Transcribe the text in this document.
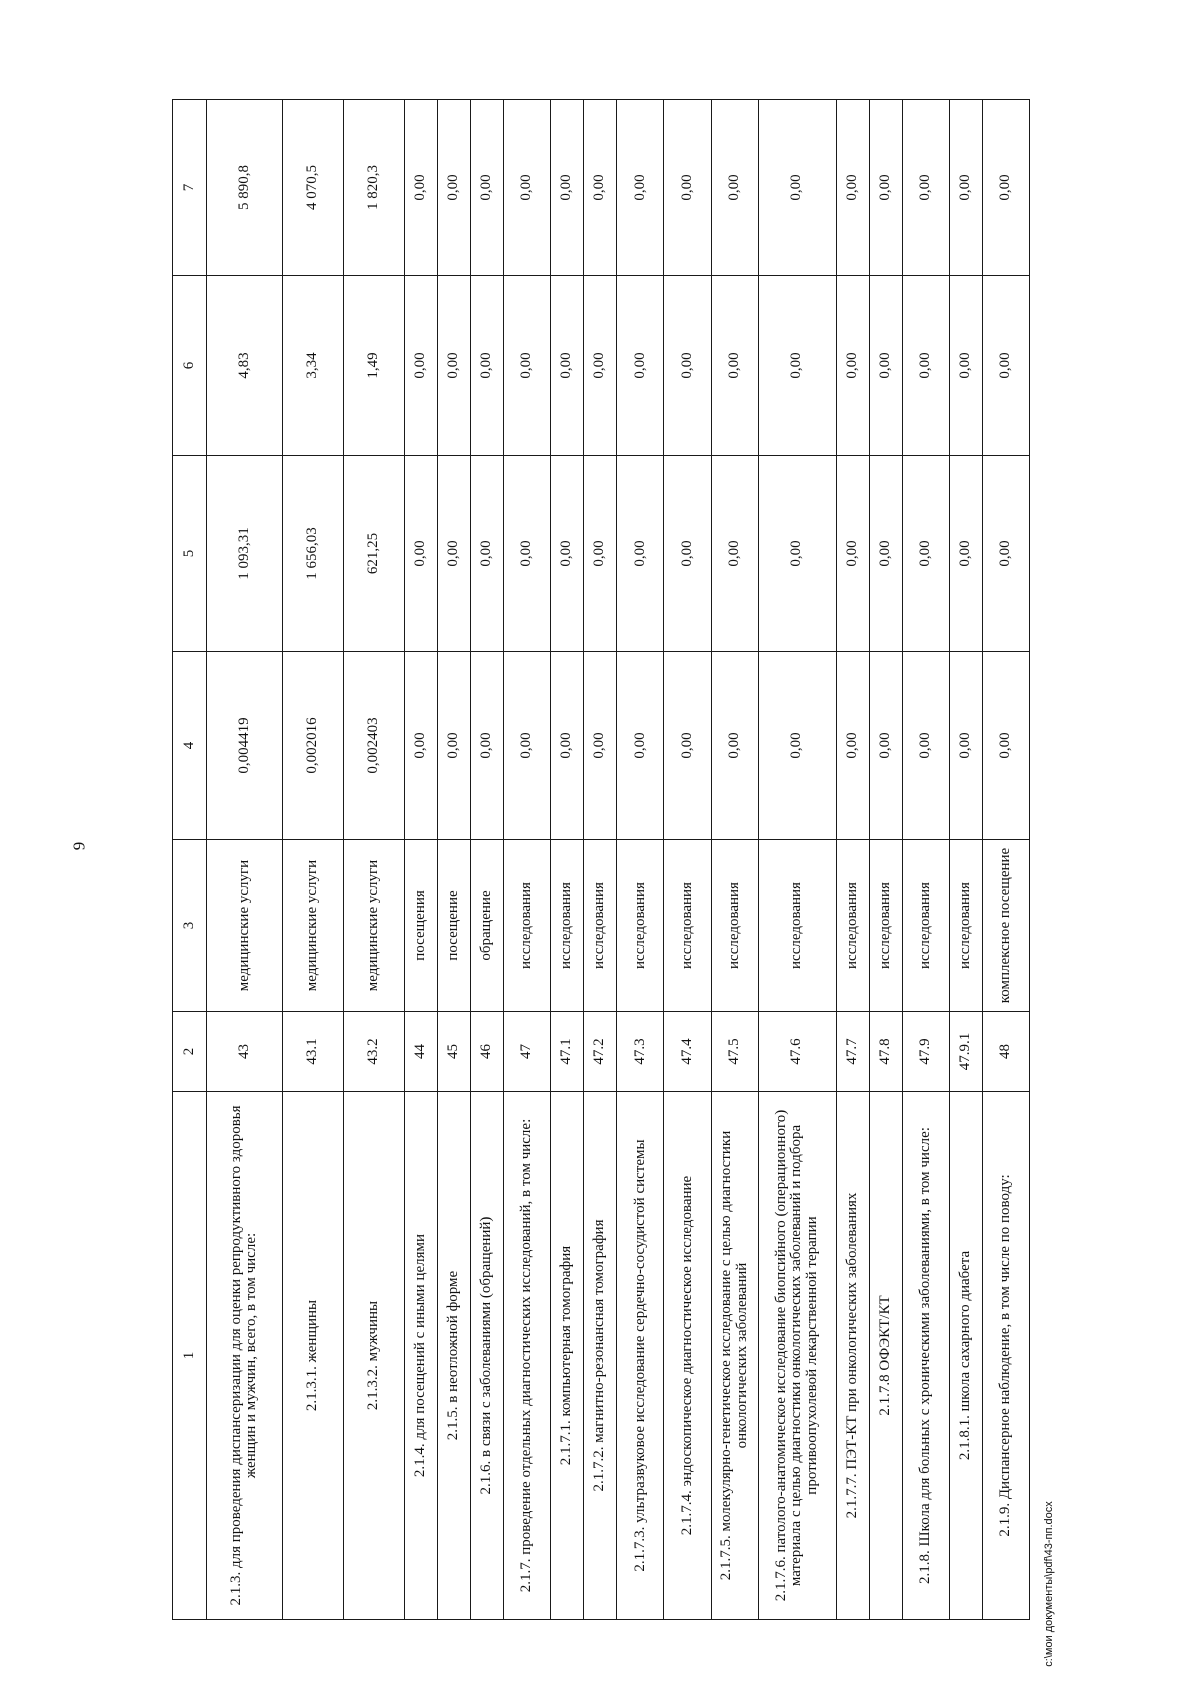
9
1	2	3	4	5	6	7
2.1.3. для проведения диспансеризации для оценки репродуктивного здоровья женщин и мужчин, всего, в том числе:	43	медицинские услуги	0,004419	1 093,31	4,83	5 890,8
2.1.3.1. женщины	43.1	медицинские услуги	0,002016	1 656,03	3,34	4 070,5
2.1.3.2. мужчины	43.2	медицинские услуги	0,002403	621,25	1,49	1 820,3
2.1.4. для посещений с иными целями	44	посещения	0,00	0,00	0,00	0,00
2.1.5. в неотложной форме	45	посещение	0,00	0,00	0,00	0,00
2.1.6. в связи с заболеваниями (обращений)	46	обращение	0,00	0,00	0,00	0,00
2.1.7. проведение отдельных диагностических исследований, в том числе:	47	исследования	0,00	0,00	0,00	0,00
2.1.7.1. компьютерная томография	47.1	исследования	0,00	0,00	0,00	0,00
2.1.7.2. магнитно-резонансная томография	47.2	исследования	0,00	0,00	0,00	0,00
2.1.7.3. ультразвуковое исследование сердечно-сосудистой системы	47.3	исследования	0,00	0,00	0,00	0,00
2.1.7.4. эндоскопическое диагностическое исследование	47.4	исследования	0,00	0,00	0,00	0,00
2.1.7.5. молекулярно-генетическое исследование с целью диагностики онкологических заболеваний	47.5	исследования	0,00	0,00	0,00	0,00
2.1.7.6. патолого-анатомическое исследование биопсийного (операционного) материала с целью диагностики онкологических заболеваний и подбора противоопухолевой лекарственной терапии	47.6	исследования	0,00	0,00	0,00	0,00
2.1.7.7. ПЭТ-КТ при онкологических заболеваниях	47.7	исследования	0,00	0,00	0,00	0,00
2.1.7.8 ОФЭКТ/КТ	47.8	исследования	0,00	0,00	0,00	0,00
2.1.8. Школа для больных с хроническими заболеваниями, в том числе:	47.9	исследования	0,00	0,00	0,00	0,00
2.1.8.1. школа сахарного диабета	47.9.1	исследования	0,00	0,00	0,00	0,00
2.1.9. Диспансерное наблюдение, в том числе по поводу:	48	комплексное посещение	0,00	0,00	0,00	0,00
c:\мои документы\pdf\43-пп.docx
